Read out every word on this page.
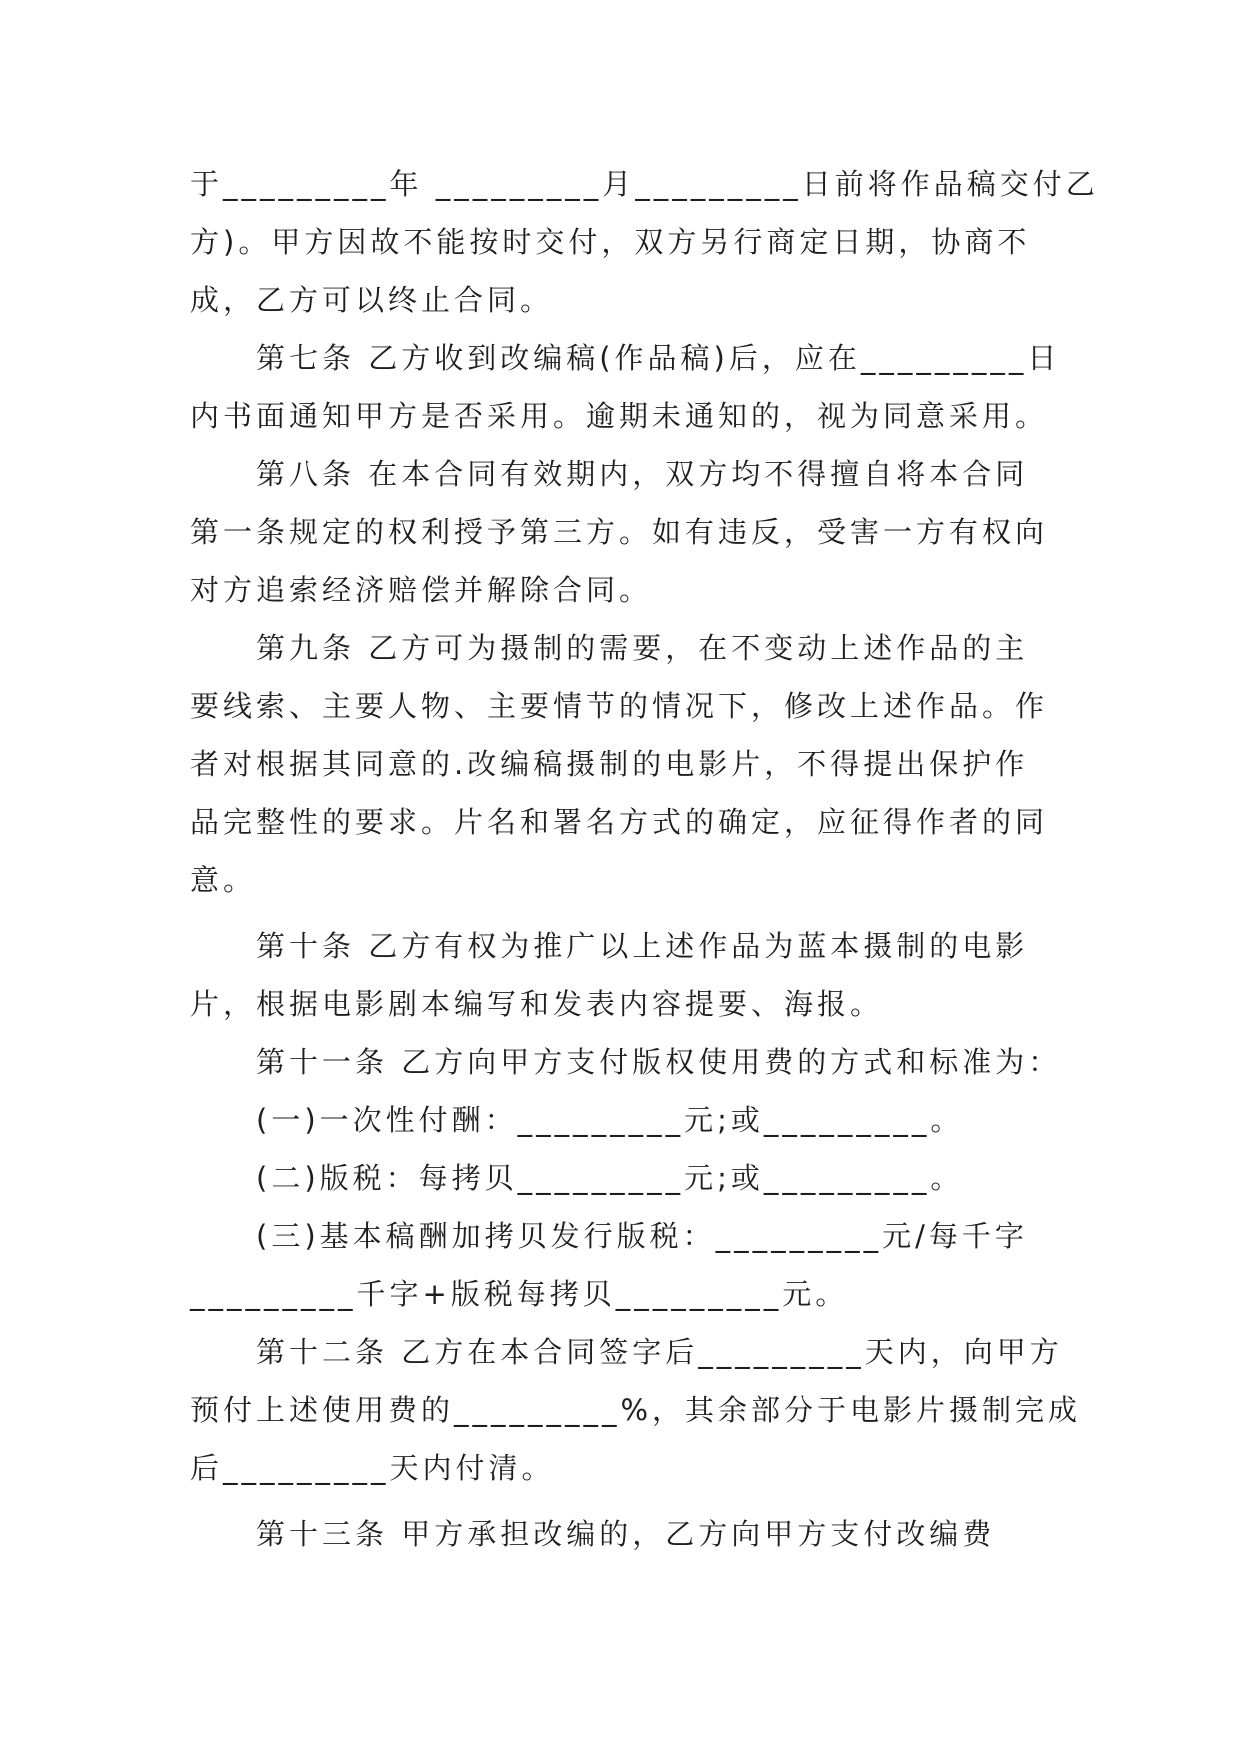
于_________年 _________月_________日前将作品稿交付乙

方)。甲方因故不能按时交付，双方另行商定日期，协商不

成，乙方可以终止合同。

第七条 乙方收到改编稿(作品稿)后，应在_________日

内书面通知甲方是否采用。逾期未通知的，视为同意采用。

第八条 在本合同有效期内，双方均不得擅自将本合同

第一条规定的权利授予第三方。如有违反，受害一方有权向

对方追索经济赔偿并解除合同。

第九条 乙方可为摄制的需要，在不变动上述作品的主

要线索、主要人物、主要情节的情况下，修改上述作品。作

者对根据其同意的.改编稿摄制的电影片，不得提出保护作

品完整性的要求。片名和署名方式的确定，应征得作者的同

意。

第十条 乙方有权为推广以上述作品为蓝本摄制的电影

片，根据电影剧本编写和发表内容提要、海报。

第十一条 乙方向甲方支付版权使用费的方式和标准为：

(一)一次性付酬：_________元;或_________。

(二)版税：每拷贝_________元;或_________。

(三)基本稿酬加拷贝发行版税：_________元/每千字

_________千字+版税每拷贝_________元。

第十二条 乙方在本合同签字后_________天内，向甲方

预付上述使用费的_________%，其余部分于电影片摄制完成

后_________天内付清。

第十三条 甲方承担改编的，乙方向甲方支付改编费
